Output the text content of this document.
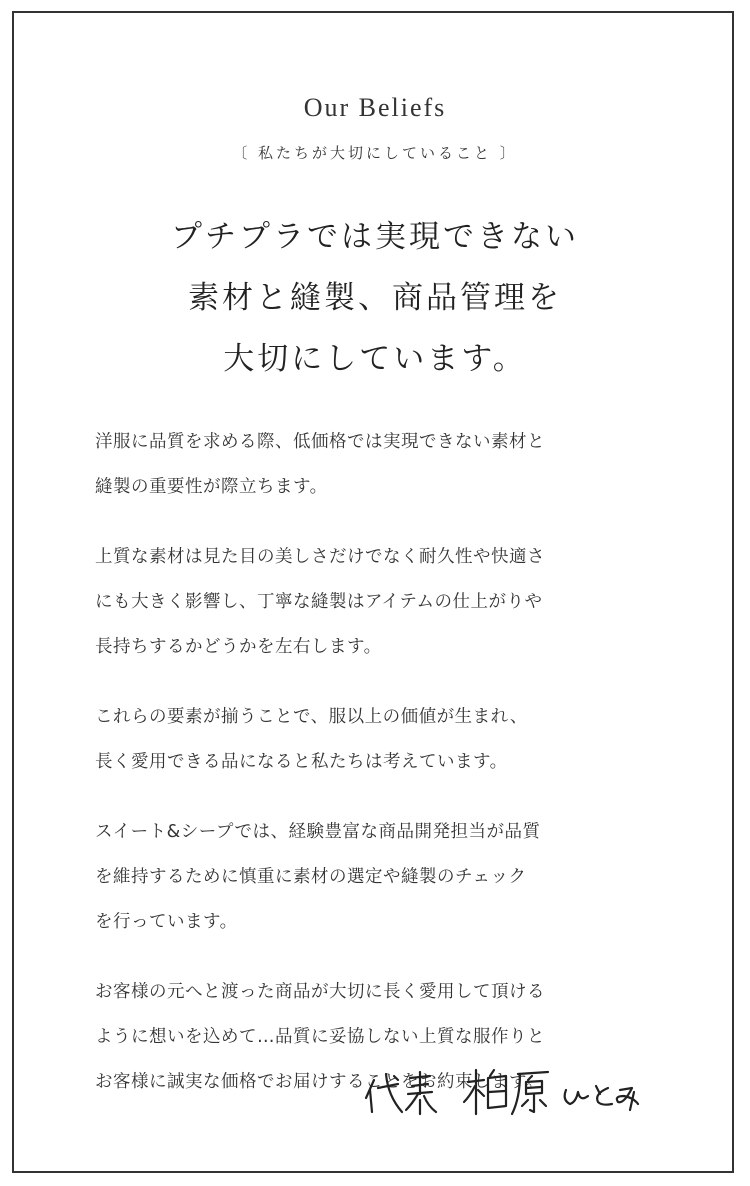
Our Beliefs
〔 私たちが大切にしていること 〕
プチプラでは実現できない
素材と縫製、商品管理を
大切にしています。

洋服に品質を求める際、低価格では実現できない素材と
縫製の重要性が際立ちます。

上質な素材は見た目の美しさだけでなく耐久性や快適さ
にも大きく影響し、丁寧な縫製はアイテムの仕上がりや
長持ちするかどうかを左右します。

これらの要素が揃うことで、服以上の価値が生まれ、
長く愛用できる品になると私たちは考えています。

スイート&シープでは、経験豊富な商品開発担当が品質
を維持するために慎重に素材の選定や縫製のチェック
を行っています。

お客様の元へと渡った商品が大切に長く愛用して頂ける
ように想いを込めて…品質に妥協しない上質な服作りと
お客様に誠実な価格でお届けすることをお約束します。
